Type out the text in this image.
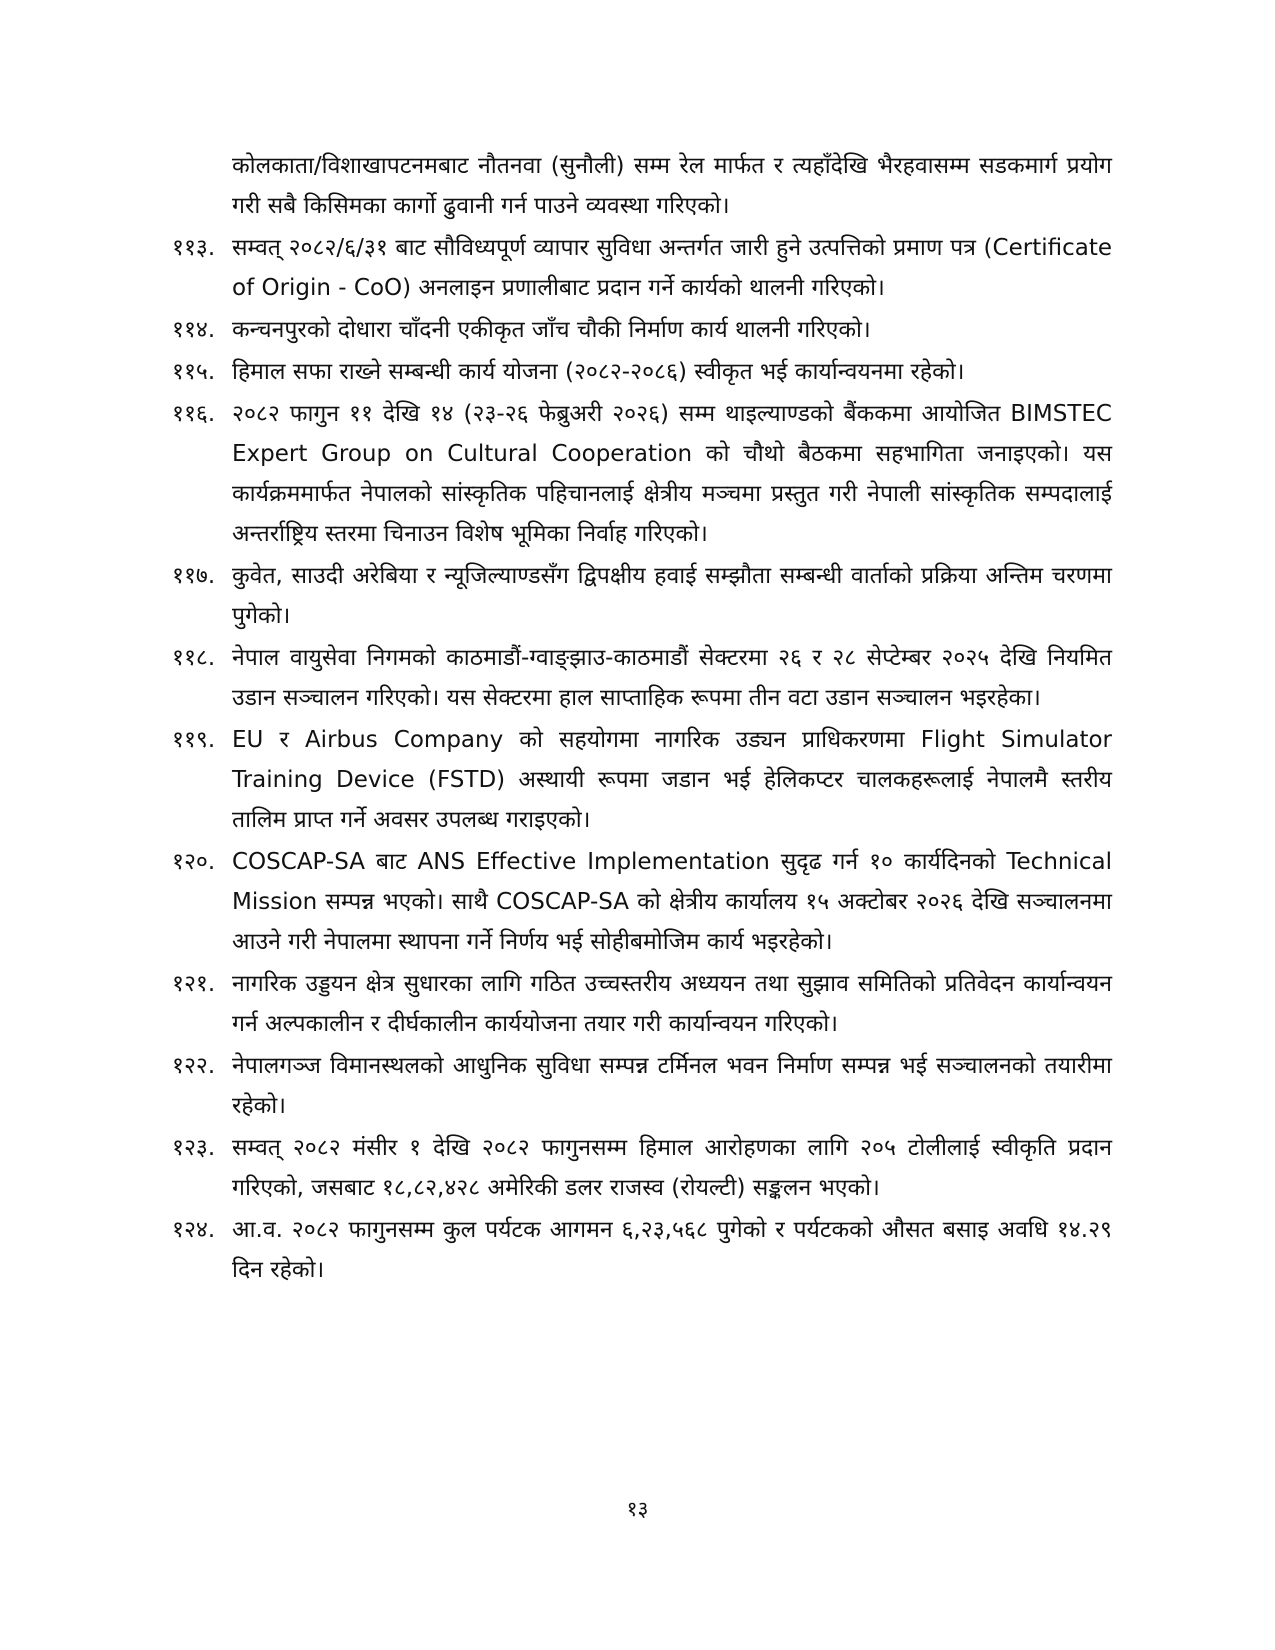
कोलकाता/विशाखापटनमबाट नौतनवा (सुनौली) सम्म रेल मार्फत र त्यहाँदेखि भैरहवासम्म सडकमार्ग प्रयोग गरी सबै किसिमका कार्गो ढुवानी गर्न पाउने व्यवस्था गरिएको।
११३. सम्वत् २०८२/६/३१ बाट सौविध्यपूर्ण व्यापार सुविधा अन्तर्गत जारी हुने उत्पत्तिको प्रमाण पत्र (Certificate of Origin - CoO) अनलाइन प्रणालीबाट प्रदान गर्ने कार्यको थालनी गरिएको।
११४. कन्चनपुरको दोधारा चाँदनी एकीकृत जाँच चौकी निर्माण कार्य थालनी गरिएको।
११५. हिमाल सफा राख्ने सम्बन्धी कार्य योजना (२०८२-२०८६) स्वीकृत भई कार्यान्वयनमा रहेको।
११६. २०८२ फागुन ११ देखि १४ (२३-२६ फेब्रुअरी २०२६) सम्म थाइल्याण्डको बैंककमा आयोजित BIMSTEC Expert Group on Cultural Cooperation को चौथो बैठकमा सहभागिता जनाइएको। यस कार्यक्रममार्फत नेपालको सांस्कृतिक पहिचानलाई क्षेत्रीय मञ्चमा प्रस्तुत गरी नेपाली सांस्कृतिक सम्पदालाई अन्तर्राष्ट्रिय स्तरमा चिनाउन विशेष भूमिका निर्वाह गरिएको।
११७. कुवेत, साउदी अरेबिया र न्यूजिल्याण्डसँग द्विपक्षीय हवाई सम्झौता सम्बन्धी वार्ताको प्रक्रिया अन्तिम चरणमा पुगेको।
११८. नेपाल वायुसेवा निगमको काठमाडौं-ग्वाङ्झाउ-काठमाडौं सेक्टरमा २६ र २८ सेप्टेम्बर २०२५ देखि नियमित उडान सञ्चालन गरिएको। यस सेक्टरमा हाल साप्ताहिक रूपमा तीन वटा उडान सञ्चालन भइरहेका।
११९. EU र Airbus Company को सहयोगमा नागरिक उड्यन प्राधिकरणमा Flight Simulator Training Device (FSTD) अस्थायी रूपमा जडान भई हेलिकप्टर चालकहरूलाई नेपालमै स्तरीय तालिम प्राप्त गर्ने अवसर उपलब्ध गराइएको।
१२०. COSCAP-SA बाट ANS Effective Implementation सुदृढ गर्न १० कार्यदिनको Technical Mission सम्पन्न भएको। साथै COSCAP-SA को क्षेत्रीय कार्यालय १५ अक्टोबर २०२६ देखि सञ्चालनमा आउने गरी नेपालमा स्थापना गर्ने निर्णय भई सोहीबमोजिम कार्य भइरहेको।
१२१. नागरिक उड्डयन क्षेत्र सुधारका लागि गठित उच्चस्तरीय अध्ययन तथा सुझाव समितिको प्रतिवेदन कार्यान्वयन गर्न अल्पकालीन र दीर्घकालीन कार्ययोजना तयार गरी कार्यान्वयन गरिएको।
१२२. नेपालगञ्ज विमानस्थलको आधुनिक सुविधा सम्पन्न टर्मिनल भवन निर्माण सम्पन्न भई सञ्चालनको तयारीमा रहेको।
१२३. सम्वत् २०८२ मंसीर १ देखि २०८२ फागुनसम्म हिमाल आरोहणका लागि २०५ टोलीलाई स्वीकृति प्रदान गरिएको, जसबाट १८,८२,४२८ अमेरिकी डलर राजस्व (रोयल्टी) सङ्कलन भएको।
१२४. आ.व. २०८२ फागुनसम्म कुल पर्यटक आगमन ६,२३,५६८ पुगेको र पर्यटकको औसत बसाइ अवधि १४.२९ दिन रहेको।
१३
